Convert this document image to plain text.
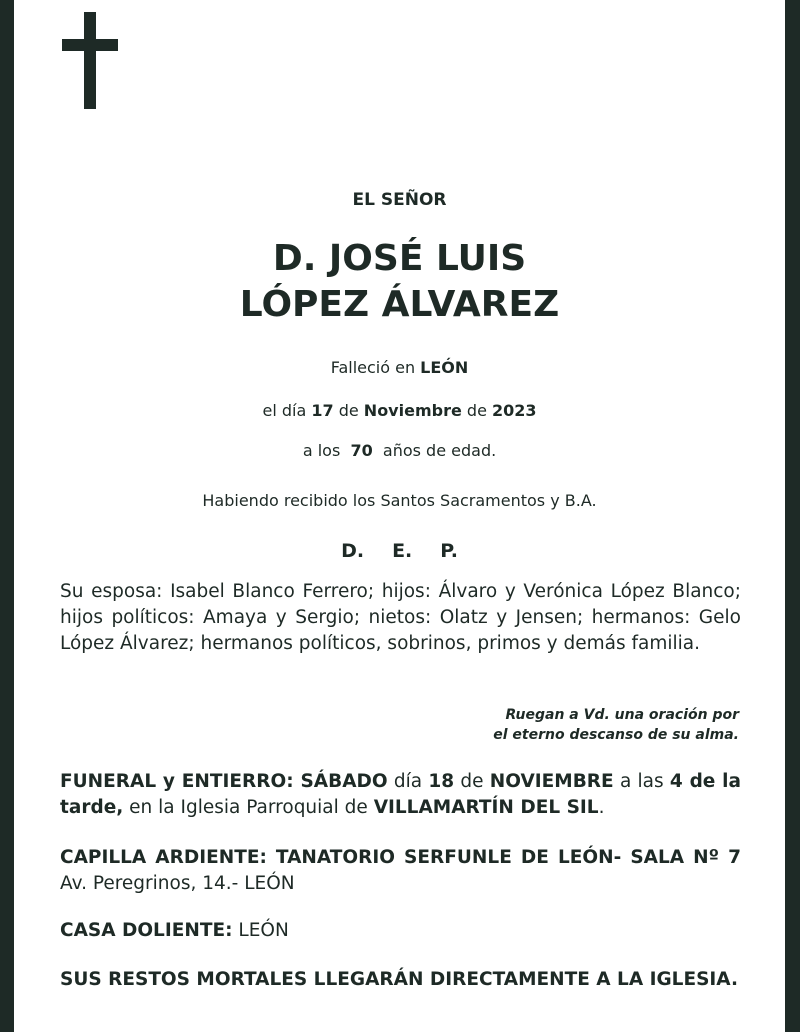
EL SEÑOR
D. JOSÉ LUIS
LÓPEZ ÁLVAREZ
Falleció en LEÓN
el día 17 de Noviembre de 2023
a los 70 años de edad.
Habiendo recibido los Santos Sacramentos y B.A.
D. E. P.
Su esposa: Isabel Blanco Ferrero; hijos: Álvaro y Verónica López Blanco; hijos políticos: Amaya y Sergio; nietos: Olatz y Jensen; hermanos: Gelo López Álvarez; hermanos políticos, sobrinos, primos y demás familia.
Ruegan a Vd. una oración por
el eterno descanso de su alma.
FUNERAL y ENTIERRO: SÁBADO día 18 de NOVIEMBRE a las 4 de la tarde, en la Iglesia Parroquial de VILLAMARTÍN DEL SIL.
CAPILLA ARDIENTE: TANATORIO SERFUNLE DE LEÓN- SALA Nº 7
Av. Peregrinos, 14.- LEÓN
CASA DOLIENTE: LEÓN
SUS RESTOS MORTALES LLEGARÁN DIRECTAMENTE A LA IGLESIA.
